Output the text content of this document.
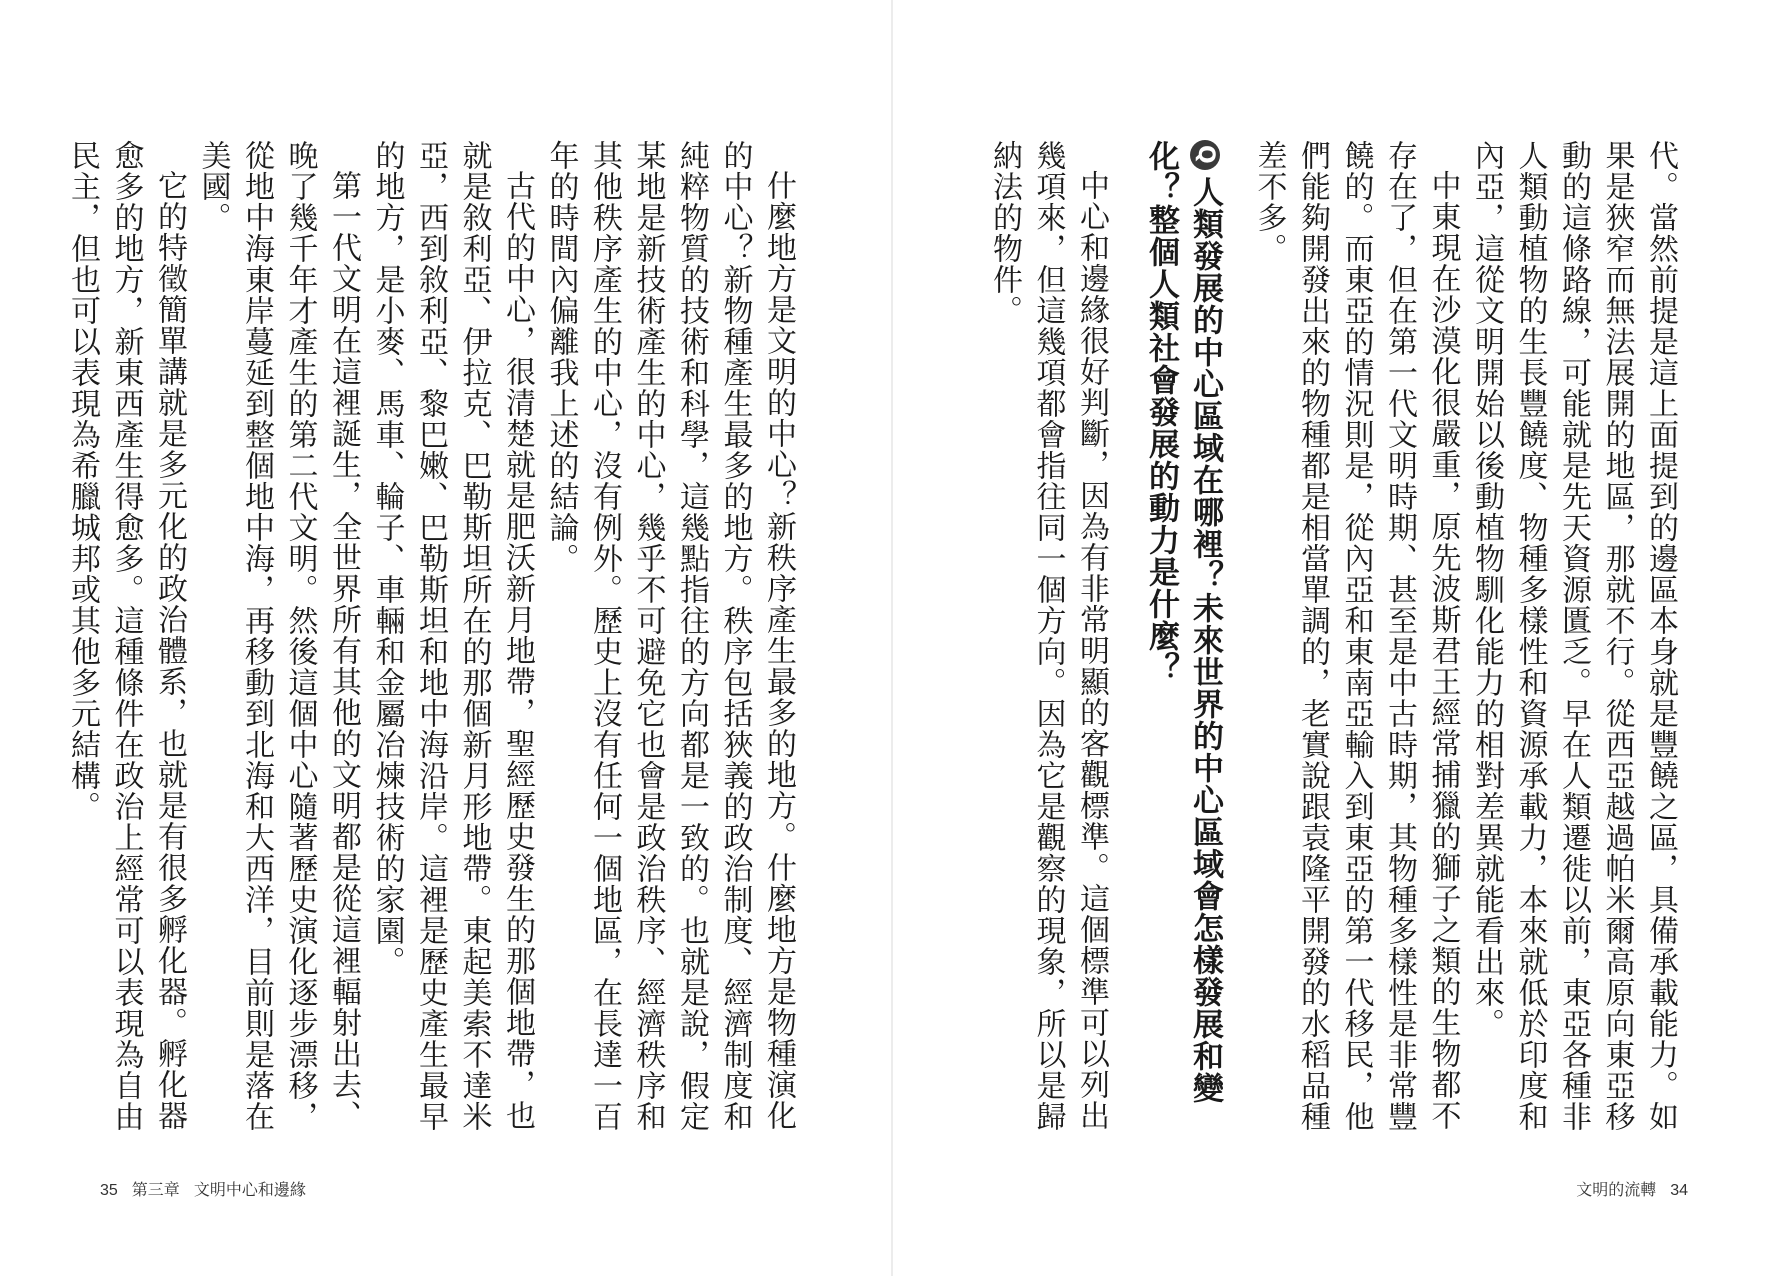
什麼地方是文明的中心？新秩序產生最多的地方。什麼地方是物種演化的中心？新物種產生最多的地方。秩序包括狹義的政治制度、經濟制度和純粹物質的技術和科學，這幾點指往的方向都是一致的。也就是說，假定某地是新技術產生的中心，幾乎不可避免它也會是政治秩序、經濟秩序和其他秩序產生的中心，沒有例外。歷史上沒有任何一個地區，在長達一百年的時間內偏離我上述的結論。

古代的中心，很清楚就是肥沃新月地帶，聖經歷史發生的那個地帶，也就是敘利亞、伊拉克、巴勒斯坦所在的那個新月形地帶。東起美索不達米亞，西到敘利亞、黎巴嫩、巴勒斯坦和地中海沿岸。這裡是歷史產生最早的地方，是小麥、馬車、輪子、車輛和金屬冶煉技術的家園。

第一代文明在這裡誕生，全世界所有其他的文明都是從這裡輻射出去、晚了幾千年才產生的第二代文明。然後這個中心隨著歷史演化逐步漂移，從地中海東岸蔓延到整個地中海，再移動到北海和大西洋，目前則是落在美國。

它的特徵簡單講就是多元化的政治體系，也就是有很多孵化器。孵化器愈多的地方，新東西產生得愈多。這種條件在政治上經常可以表現為自由民主，但也可以表現為希臘城邦或其他多元結構。

35 第三章 文明中心和邊緣

代。當然前提是這上面提到的邊區本身就是豐饒之區，具備承載能力。如果是狹窄而無法展開的地區，那就不行。從西亞越過帕米爾高原向東亞移動的這條路線，可能就是先天資源匱乏。早在人類遷徙以前，東亞各種非人類動植物的生長豐饒度、物種多樣性和資源承載力，本來就低於印度和內亞，這從文明開始以後動植物馴化能力的相對差異就能看出來。

中東現在沙漠化很嚴重，原先波斯君王經常捕獵的獅子之類的生物都不存在了，但在第一代文明時期、甚至是中古時期，其物種多樣性是非常豐饒的。而東亞的情況則是，從內亞和東南亞輸入到東亞的第一代移民，他們能夠開發出來的物種都是相當單調的，老實說跟袁隆平開發的水稻品種差不多。

Q人類發展的中心區域在哪裡？未來世界的中心區域會怎樣發展和變化？整個人類社會發展的動力是什麼？

中心和邊緣很好判斷，因為有非常明顯的客觀標準。這個標準可以列出幾項來，但這幾項都會指往同一個方向。因為它是觀察的現象，所以是歸納法的物件。

文明的流轉 34
